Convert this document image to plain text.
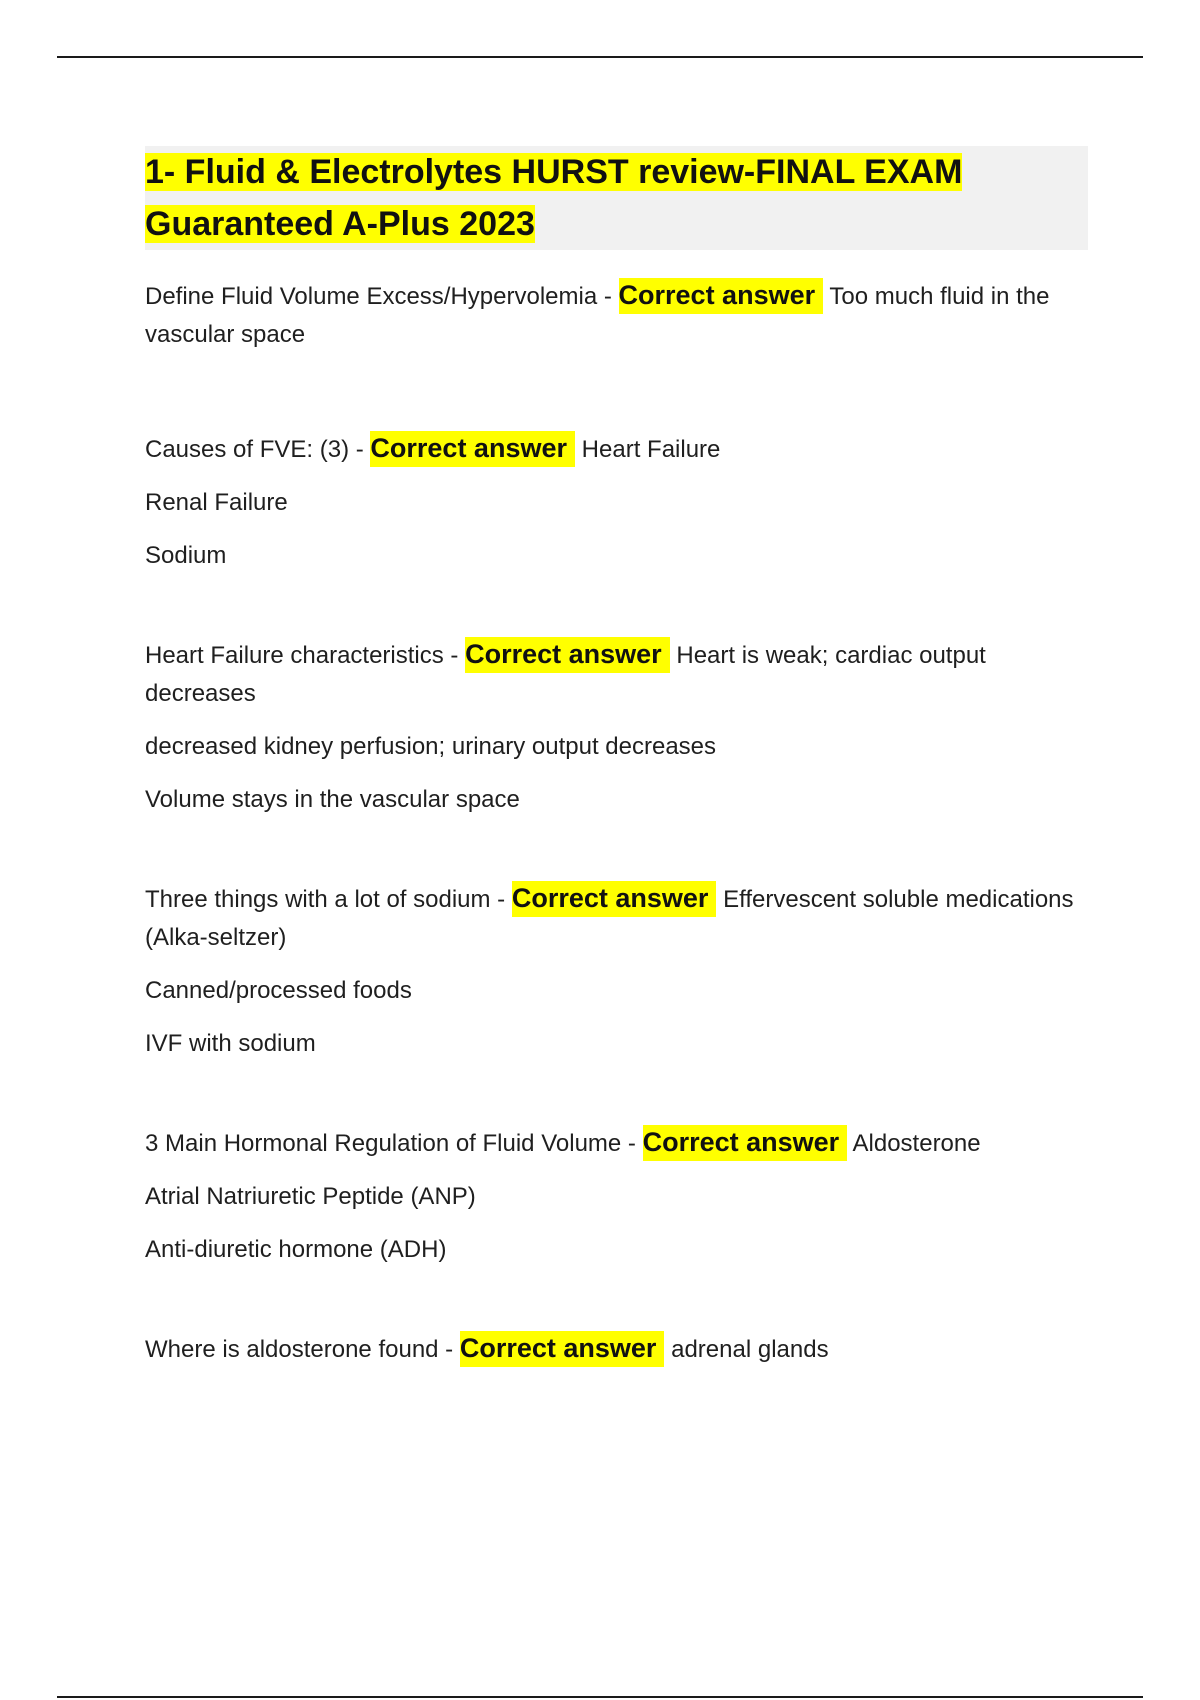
1- Fluid & Electrolytes HURST review-FINAL EXAM
Guaranteed A-Plus 2023

Define Fluid Volume Excess/Hypervolemia - Correct answer Too much fluid in the vascular space

Causes of FVE: (3) - Correct answer Heart Failure

Renal Failure

Sodium

Heart Failure characteristics - Correct answer Heart is weak; cardiac output decreases

decreased kidney perfusion; urinary output decreases

Volume stays in the vascular space

Three things with a lot of sodium - Correct answer Effervescent soluble medications (Alka-seltzer)

Canned/processed foods

IVF with sodium

3 Main Hormonal Regulation of Fluid Volume - Correct answer Aldosterone

Atrial Natriuretic Peptide (ANP)

Anti-diuretic hormone (ADH)

Where is aldosterone found - Correct answer adrenal glands
